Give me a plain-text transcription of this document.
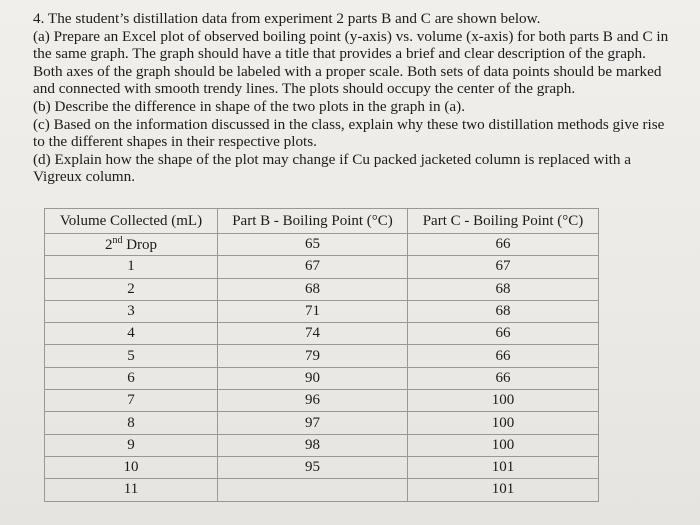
4. The student’s distillation data from experiment 2 parts B and C are shown below.

(a) Prepare an Excel plot of observed boiling point (y-axis) vs. volume (x-axis) for both parts B and C in the same graph. The graph should have a title that provides a brief and clear description of the graph. Both axes of the graph should be labeled with a proper scale. Both sets of data points should be marked and connected with smooth trendy lines. The plots should occupy the center of the graph.

(b) Describe the difference in shape of the two plots in the graph in (a).

(c) Based on the information discussed in the class, explain why these two distillation methods give rise to the different shapes in their respective plots.

(d) Explain how the shape of the plot may change if Cu packed jacketed column is replaced with a Vigreux column.

Volume Collected (mL)	Part B - Boiling Point (°C)	Part C - Boiling Point (°C)
2nd Drop	65	66
1	67	67
2	68	68
3	71	68
4	74	66
5	79	66
6	90	66
7	96	100
8	97	100
9	98	100
10	95	101
11		101
